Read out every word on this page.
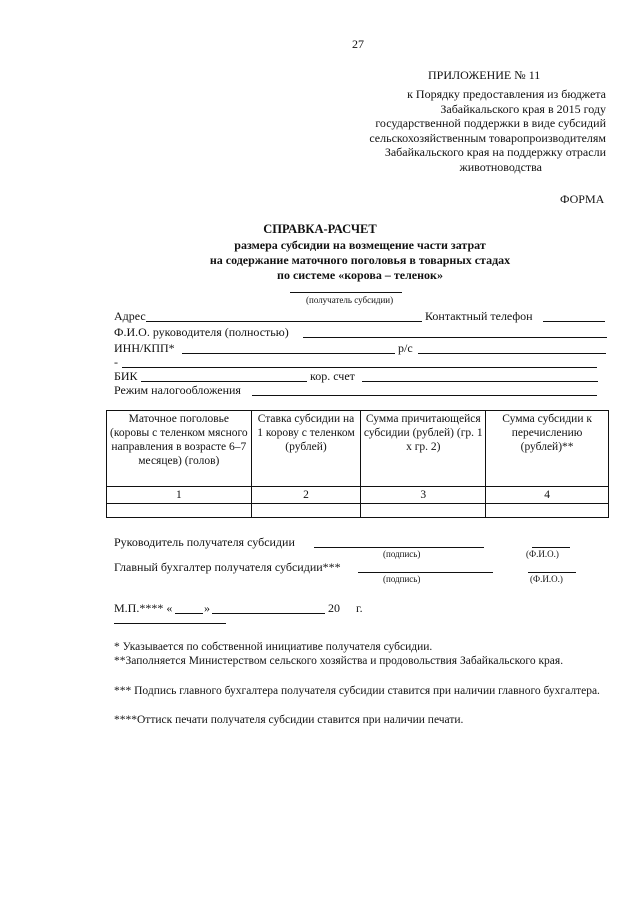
27
ПРИЛОЖЕНИЕ № 11
к Порядку предоставления из бюджета
Забайкальского края в 2015 году
государственной поддержки в виде субсидий
сельскохозяйственным товаропроизводителям
Забайкальского края на поддержку отрасли
животноводства
ФОРМА
СПРАВКА-РАСЧЕТ
размера субсидии на возмещение части затрат
на содержание маточного поголовья в товарных стадах
по системе «корова – теленок»
(получатель субсидии)
Адрес	Контактный телефон
Ф.И.О. руководителя (полностью)
ИНН/КПП*	р/с
-
БИК	кор. счет
Режим налогообложения
Маточное поголовье (коровы с теленком мясного направления в возрасте 6–7 месяцев) (голов)	Ставка субсидии на 1 корову с теленком (рублей)	Сумма причитающейся субсидии (рублей) (гр. 1 х гр. 2)	Сумма субсидии к перечислению (рублей)**
1	2	3	4

Руководитель получателя субсидии
(подпись)	(Ф.И.О.)
Главный бухгалтер получателя субсидии***
(подпись)	(Ф.И.О.)
М.П.**** «	»	20 г.
* Указывается по собственной инициативе получателя субсидии.
**Заполняется Министерством сельского хозяйства и продовольствия Забайкальского края.
*** Подпись главного бухгалтера получателя субсидии ставится при наличии главного бухгалтера.
****Оттиск печати получателя субсидии ставится при наличии печати.
